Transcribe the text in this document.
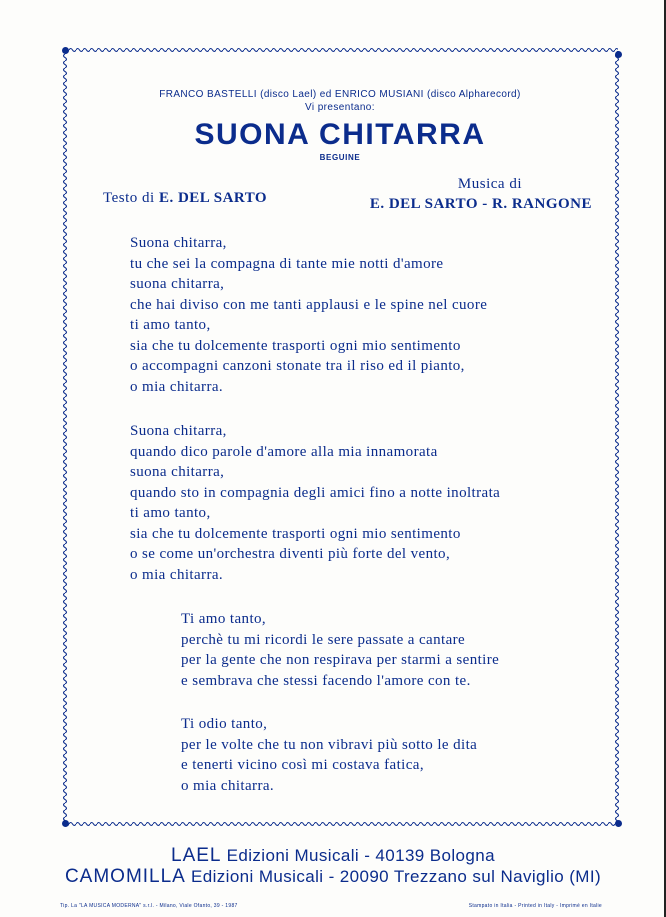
FRANCO BASTELLI (disco Lael) ed ENRICO MUSIANI (disco Alpharecord)
Vi presentano:
SUONA CHITARRA
BEGUINE
Testo di E. DEL SARTO
Musica di
E. DEL SARTO - R. RANGONE
Suona chitarra,
tu che sei la compagna di tante mie notti d'amore
suona chitarra,
che hai diviso con me tanti applausi e le spine nel cuore
ti amo tanto,
sia che tu dolcemente trasporti ogni mio sentimento
o accompagni canzoni stonate tra il riso ed il pianto,
o mia chitarra.
Suona chitarra,
quando dico parole d'amore alla mia innamorata
suona chitarra,
quando sto in compagnia degli amici fino a notte inoltrata
ti amo tanto,
sia che tu dolcemente trasporti ogni mio sentimento
o se come un'orchestra diventi più forte del vento,
o mia chitarra.
Ti amo tanto,
perchè tu mi ricordi le sere passate a cantare
per la gente che non respirava per starmi a sentire
e sembrava che stessi facendo l'amore con te.
Ti odio tanto,
per le volte che tu non vibravi più sotto le dita
e tenerti vicino così mi costava fatica,
o mia chitarra.
LAEL Edizioni Musicali - 40139 Bologna
CAMOMILLA Edizioni Musicali - 20090 Trezzano sul Naviglio (MI)
Tip. La "LA MUSICA MODERNA" s.r.l. - Milano, Viale Ofanto, 39 - 1987	Stampato in Italia - Printed in Italy - Imprimé en Italie
